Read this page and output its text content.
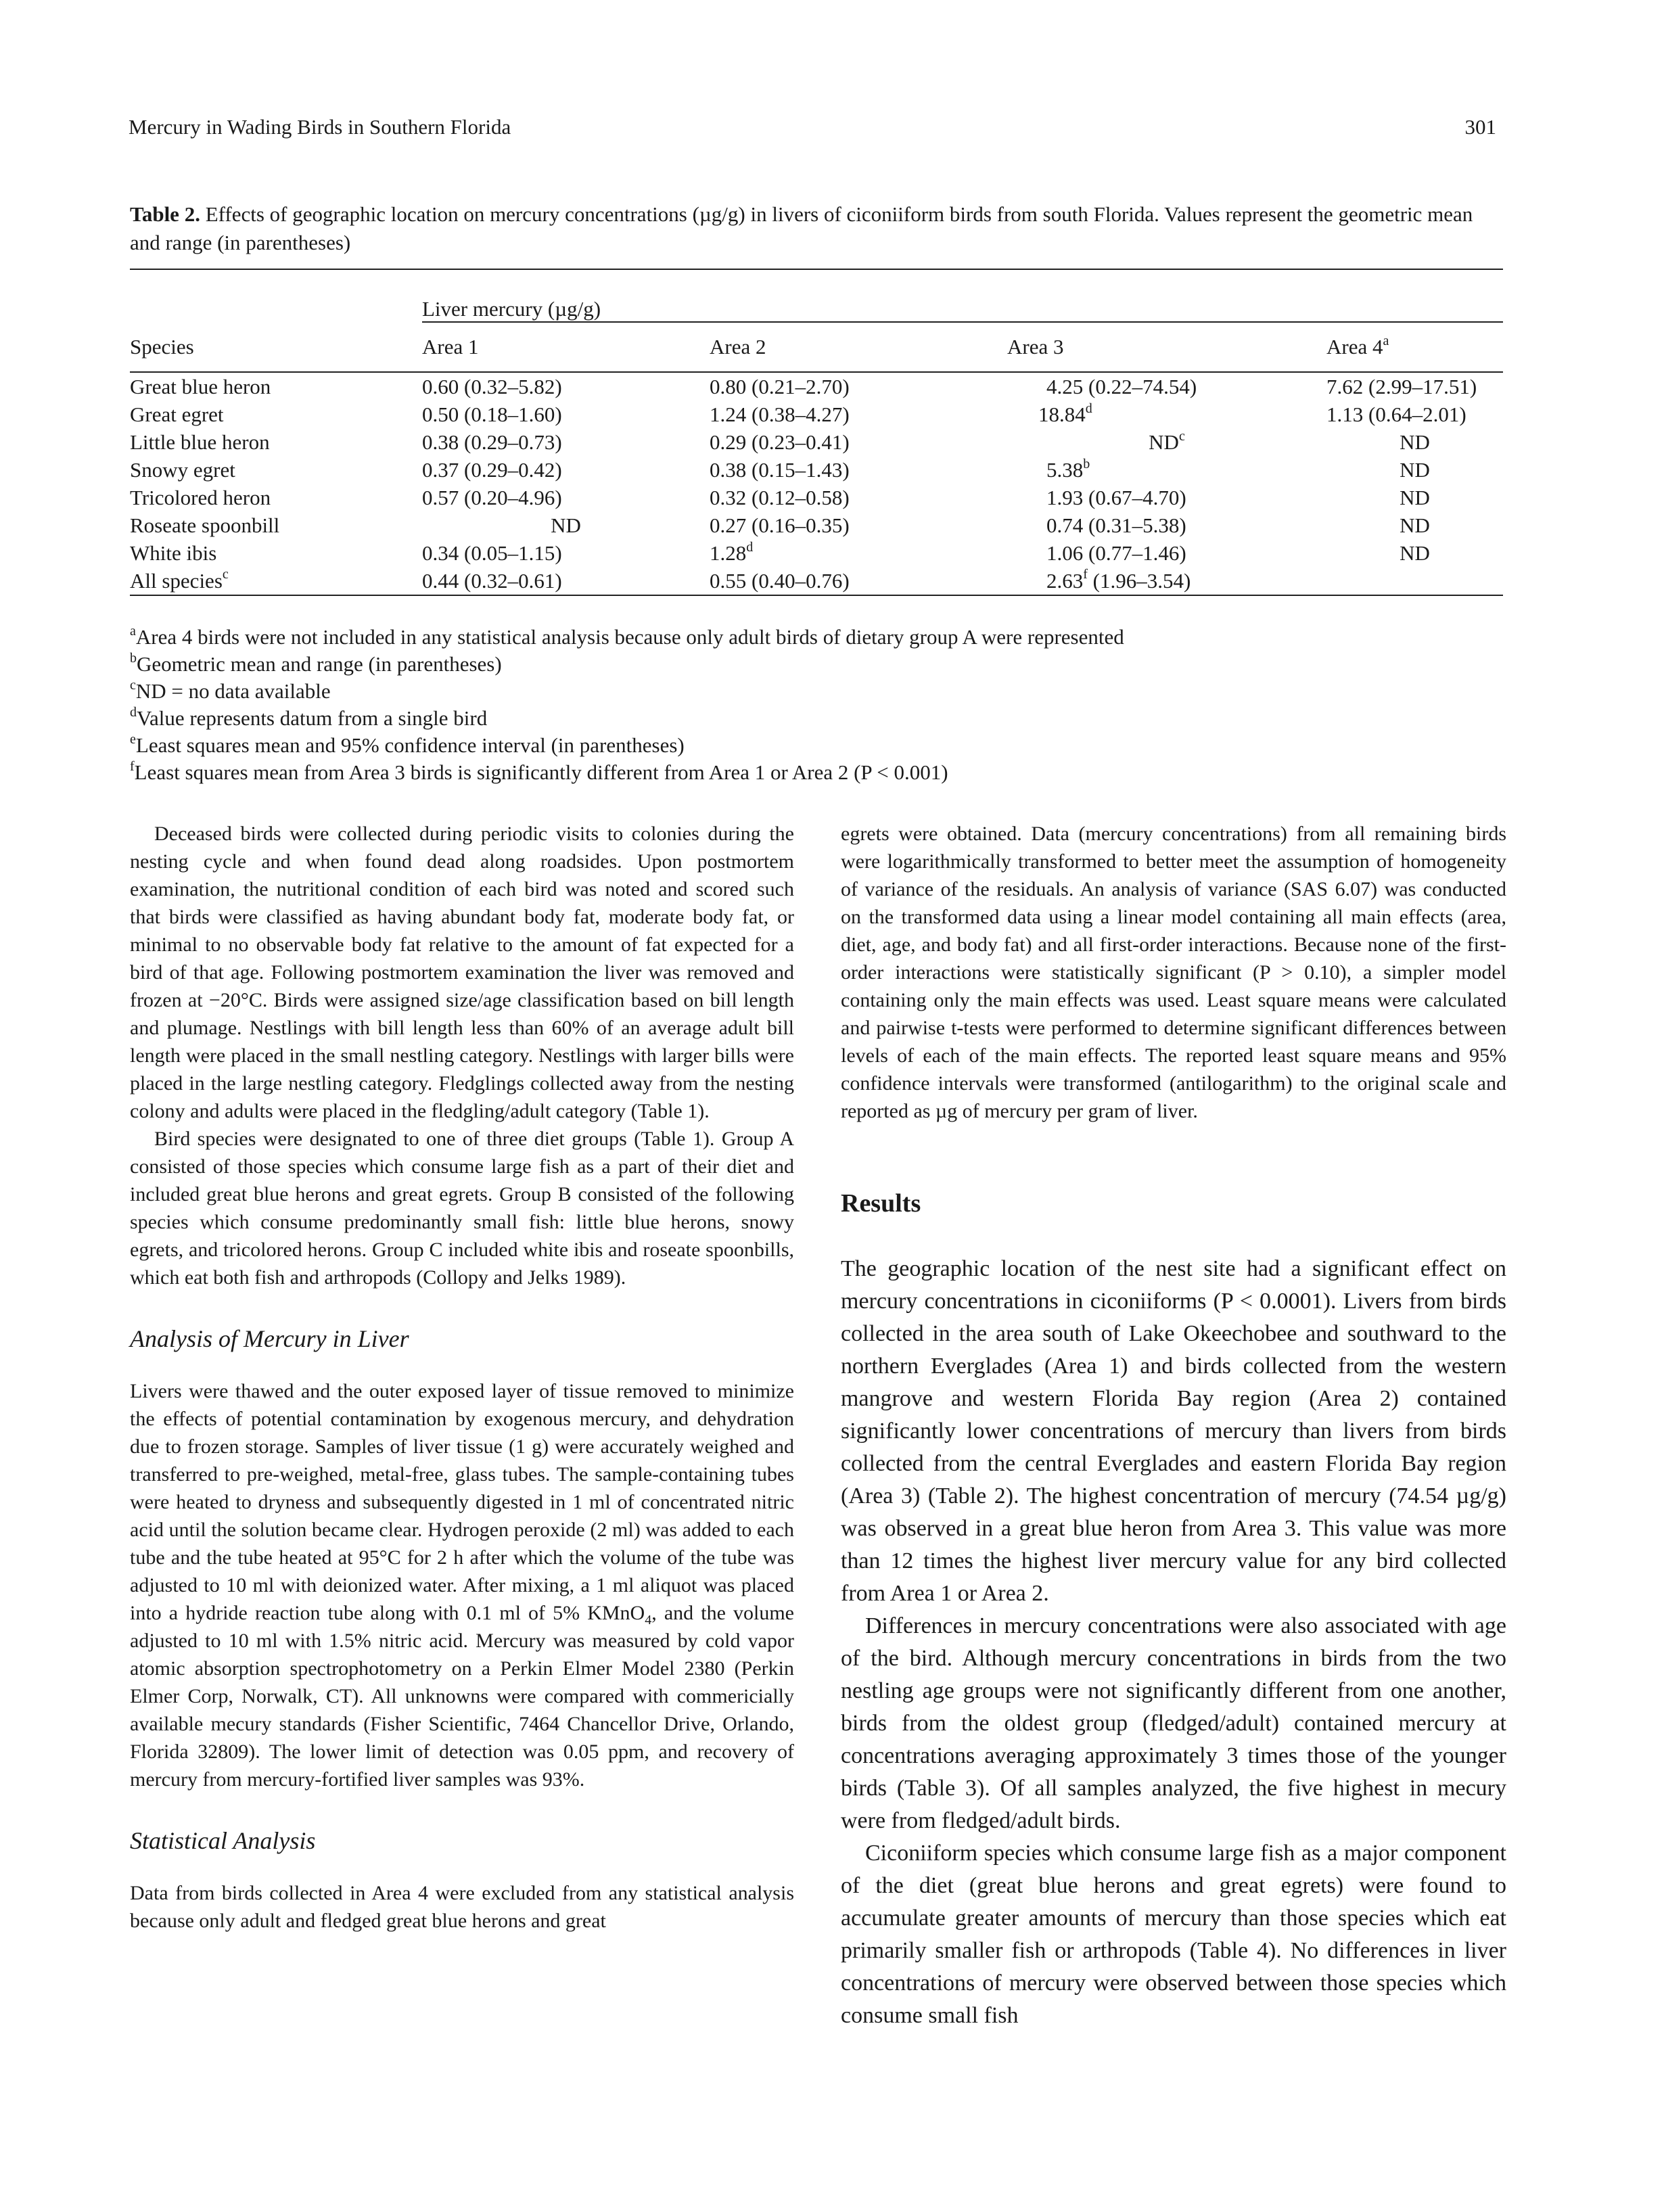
Mercury in Wading Birds in Southern Florida	301
Table 2. Effects of geographic location on mercury concentrations (µg/g) in livers of ciconiiform birds from south Florida. Values represent the geometric mean and range (in parentheses)
	Liver mercury (µg/g)			
Species	Area 1	Area 2	Area 3	Area 4$^a$
Great blue heron	0.60 (0.32–5.82)	0.80 (0.21–2.70)	4.25 (0.22–74.54)	7.62 (2.99–17.51)
Great egret	0.50 (0.18–1.60)	1.24 (0.38–4.27)	18.84$^d$	1.13 (0.64–2.01)
Little blue heron	0.38 (0.29–0.73)	0.29 (0.23–0.41)	$ND^c$	ND
Snowy egret	0.37 (0.29–0.42)	0.38 (0.15–1.43)	5.38$^b$	ND
Tricolored heron	0.57 (0.20–4.96)	0.32 (0.12–0.58)	1.93 (0.67–4.70)	ND
Roseate spoonbill	ND	0.27 (0.16–0.35)	0.74 (0.31–5.38)	ND
White ibis	0.34 (0.05–1.15)	1.28$^d$	1.06 (0.77–1.46)	ND
All species$^c$	0.44 (0.32–0.61)	0.55 (0.40–0.76)	2.63$^f$ (1.96–3.54)	
$^a$Area 4 birds were not included in any statistical analysis because only adult birds of dietary group A were represented
$^b$Geometric mean and range (in parentheses)
$^c$ND = no data available
$^d$Value represents datum from a single bird
$^e$Least squares mean and 95% confidence interval (in parentheses)
$^f$Least squares mean from Area 3 birds is significantly different from Area 1 or Area 2 (P < 0.001)

Deceased birds were collected during periodic visits to colonies during the nesting cycle and when found dead along roadsides. Upon postmortem examination, the nutritional condition of each bird was noted and scored such that birds were classified as having abundant body fat, moderate body fat, or minimal to no observable body fat relative to the amount of fat expected for a bird of that age. Following postmortem examination the liver was removed and frozen at −20°C. Birds were assigned size/age classification based on bill length and plumage. Nestlings with bill length less than 60% of an average adult bill length were placed in the small nestling category. Nestlings with larger bills were placed in the large nestling category. Fledglings collected away from the nesting colony and adults were placed in the fledgling/adult category (Table 1).

Bird species were designated to one of three diet groups (Table 1). Group A consisted of those species which consume large fish as a part of their diet and included great blue herons and great egrets. Group B consisted of the following species which consume predominantly small fish: little blue herons, snowy egrets, and tricolored herons. Group C included white ibis and roseate spoonbills, which eat both fish and arthropods (Collopy and Jelks 1989).

Analysis of Mercury in Liver

Livers were thawed and the outer exposed layer of tissue removed to minimize the effects of potential contamination by exogenous mercury, and dehydration due to frozen storage. Samples of liver tissue (1 g) were accurately weighed and transferred to pre-weighed, metal-free, glass tubes. The sample-containing tubes were heated to dryness and subsequently digested in 1 ml of concentrated nitric acid until the solution became clear. Hydrogen peroxide (2 ml) was added to each tube and the tube heated at 95°C for 2 h after which the volume of the tube was adjusted to 10 ml with deionized water. After mixing, a 1 ml aliquot was placed into a hydride reaction tube along with 0.1 ml of 5% KMnO$_4$, and the volume adjusted to 10 ml with 1.5% nitric acid. Mercury was measured by cold vapor atomic absorption spectrophotometry on a Perkin Elmer Model 2380 (Perkin Elmer Corp, Norwalk, CT). All unknowns were compared with commericially available mecury standards (Fisher Scientific, 7464 Chancellor Drive, Orlando, Florida 32809). The lower limit of detection was 0.05 ppm, and recovery of mercury from mercury-fortified liver samples was 93%.

Statistical Analysis

Data from birds collected in Area 4 were excluded from any statistical analysis because only adult and fledged great blue herons and great

egrets were obtained. Data (mercury concentrations) from all remaining birds were logarithmically transformed to better meet the assumption of homogeneity of variance of the residuals. An analysis of variance (SAS 6.07) was conducted on the transformed data using a linear model containing all main effects (area, diet, age, and body fat) and all first-order interactions. Because none of the first-order interactions were statistically significant (P > 0.10), a simpler model containing only the main effects was used. Least square means were calculated and pairwise t-tests were performed to determine significant differences between levels of each of the main effects. The reported least square means and 95% confidence intervals were transformed (antilogarithm) to the original scale and reported as µg of mercury per gram of liver.

Results

The geographic location of the nest site had a significant effect on mercury concentrations in ciconiiforms (P < 0.0001). Livers from birds collected in the area south of Lake Okeechobee and southward to the northern Everglades (Area 1) and birds collected from the western mangrove and western Florida Bay region (Area 2) contained significantly lower concentrations of mercury than livers from birds collected from the central Everglades and eastern Florida Bay region (Area 3) (Table 2). The highest concentration of mercury (74.54 µg/g) was observed in a great blue heron from Area 3. This value was more than 12 times the highest liver mercury value for any bird collected from Area 1 or Area 2.

Differences in mercury concentrations were also associated with age of the bird. Although mercury concentrations in birds from the two nestling age groups were not significantly different from one another, birds from the oldest group (fledged/adult) contained mercury at concentrations averaging approximately 3 times those of the younger birds (Table 3). Of all samples analyzed, the five highest in mecury were from fledged/adult birds.

Ciconiiform species which consume large fish as a major component of the diet (great blue herons and great egrets) were found to accumulate greater amounts of mercury than those species which eat primarily smaller fish or arthropods (Table 4). No differences in liver concentrations of mercury were observed between those species which consume small fish
